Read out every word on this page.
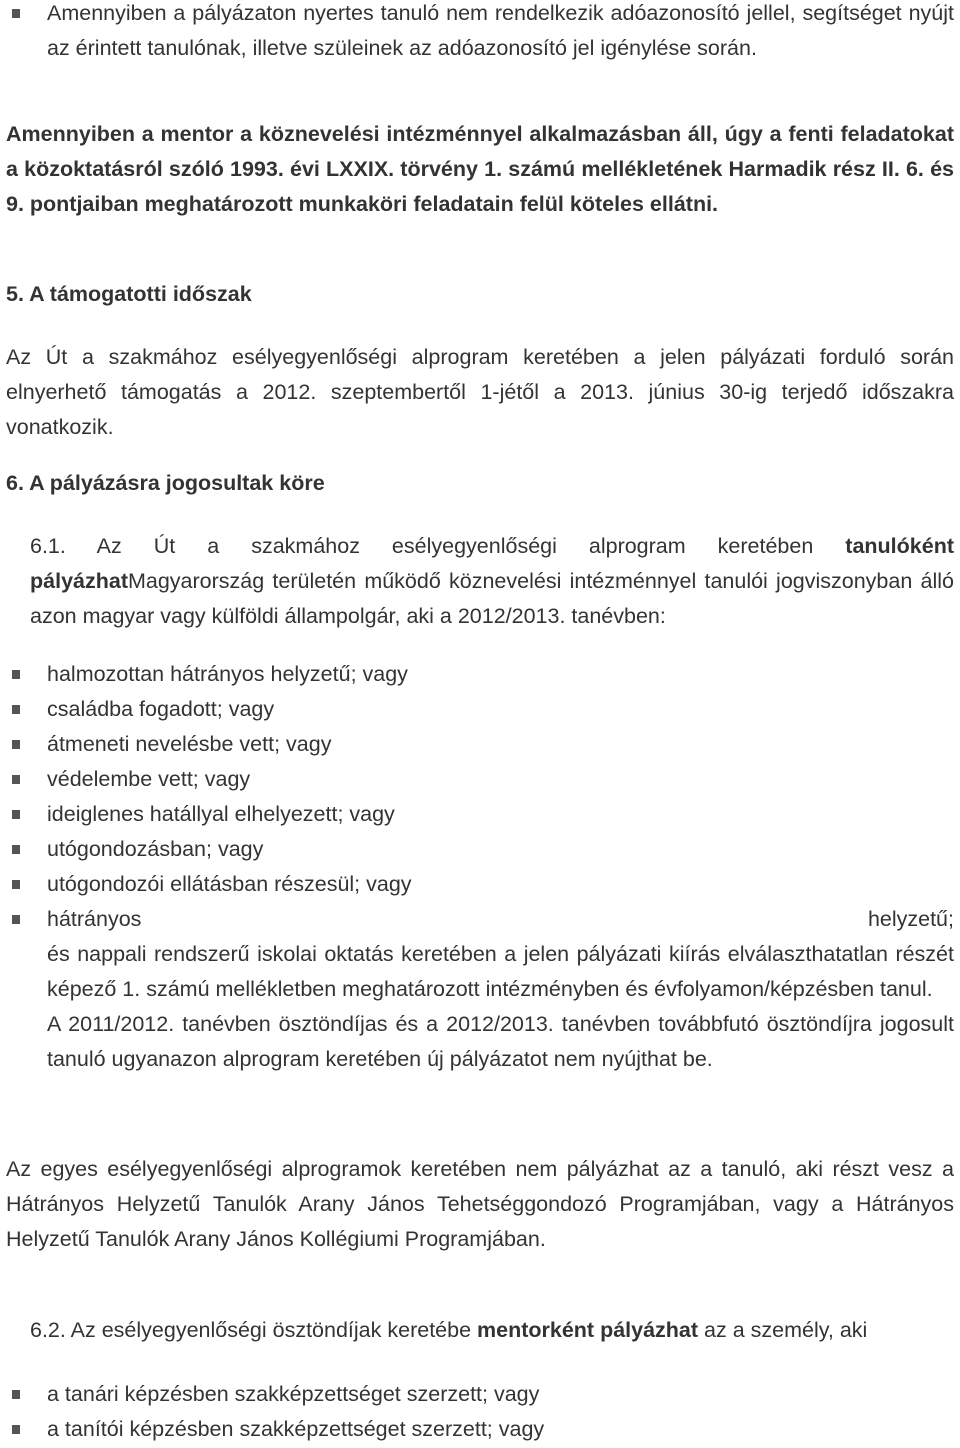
Amennyiben a pályázaton nyertes tanuló nem rendelkezik adóazonosító jellel, segítséget nyújt az érintett tanulónak, illetve szüleinek az adóazonosító jel igénylése során.

Amennyiben a mentor a köznevelési intézménnyel alkalmazásban áll, úgy a fenti feladatokat a közoktatásról szóló 1993. évi LXXIX. törvény 1. számú mellékletének Harmadik rész II. 6. és 9. pontjaiban meghatározott munkaköri feladatain felül köteles ellátni.

5. A támogatotti időszak

Az Út a szakmához esélyegyenlőségi alprogram keretében a jelen pályázati forduló során elnyerhető támogatás a 2012. szeptembertől 1-jétől a 2013. június 30-ig terjedő időszakra vonatkozik.

6. A pályázásra jogosultak köre

6.1. Az Út a szakmához esélyegyenlőségi alprogram keretében tanulóként pályázhatMagyarország területén működő köznevelési intézménnyel tanulói jogviszonyban álló azon magyar vagy külföldi állampolgár, aki a 2012/2013. tanévben:

halmozottan hátrányos helyzetű; vagy
családba fogadott; vagy
átmeneti nevelésbe vett; vagy
védelembe vett; vagy
ideiglenes hatállyal elhelyezett; vagy
utógondozásban; vagy
utógondozói ellátásban részesül; vagy
hátrányos helyzetű;
és nappali rendszerű iskolai oktatás keretében a jelen pályázati kiírás elválaszthatatlan részét képező 1. számú mellékletben meghatározott intézményben és évfolyamon/képzésben tanul.
A 2011/2012. tanévben ösztöndíjas és a 2012/2013. tanévben továbbfutó ösztöndíjra jogosult tanuló ugyanazon alprogram keretében új pályázatot nem nyújthat be.

Az egyes esélyegyenlőségi alprogramok keretében nem pályázhat az a tanuló, aki részt vesz a Hátrányos Helyzetű Tanulók Arany János Tehetséggondozó Programjában, vagy a Hátrányos Helyzetű Tanulók Arany János Kollégiumi Programjában.

6.2. Az esélyegyenlőségi ösztöndíjak keretébe mentorként pályázhat az a személy, aki

a tanári képzésben szakképzettséget szerzett; vagy
a tanítói képzésben szakképzettséget szerzett; vagy
